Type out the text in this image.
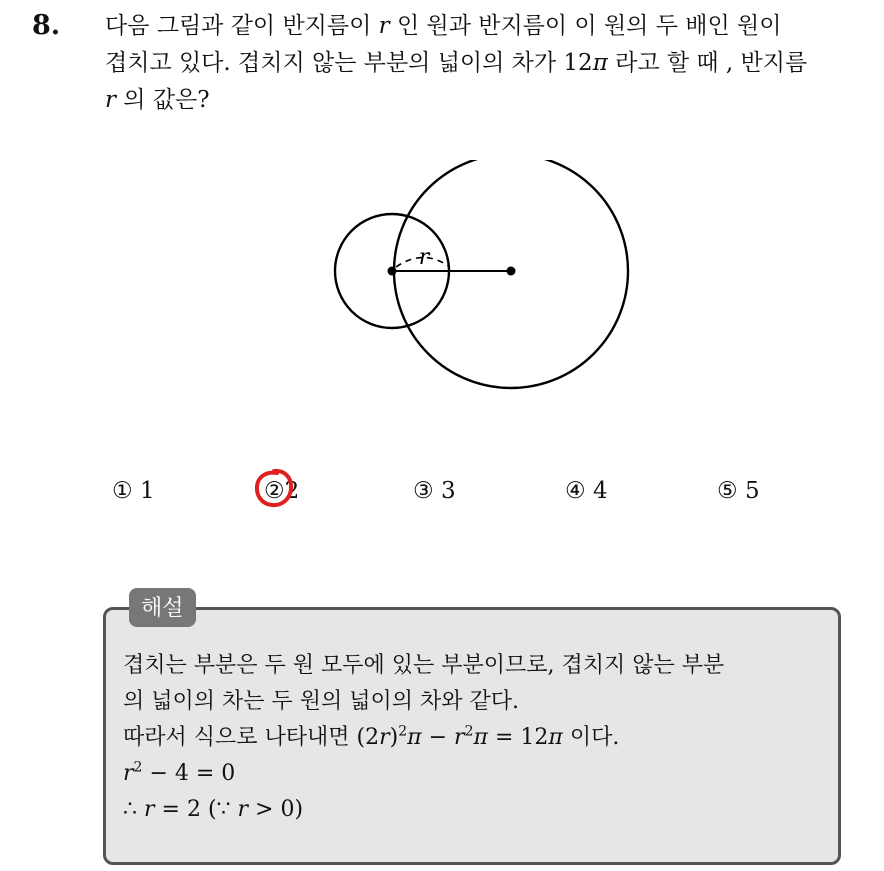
8. 다음 그림과 같이 반지름이 r 인 원과 반지름이 이 원의 두 배인 원이
겹치고 있다. 겹치지 않는 부분의 넓이의 차가 12π 라고 할 때 , 반지름
r 의 값은?
r
① 1	②2	③ 3	④ 4	⑤ 5
해설
겹치는 부분은 두 원 모두에 있는 부분이므로, 겹치지 않는 부분
의 넓이의 차는 두 원의 넓이의 차와 같다.
따라서 식으로 나타내면 $(2r)^2\pi - r^2\pi = 12\pi$ 이다.
$r^2 - 4 = 0$
∴ r = 2 (∵ r > 0)
